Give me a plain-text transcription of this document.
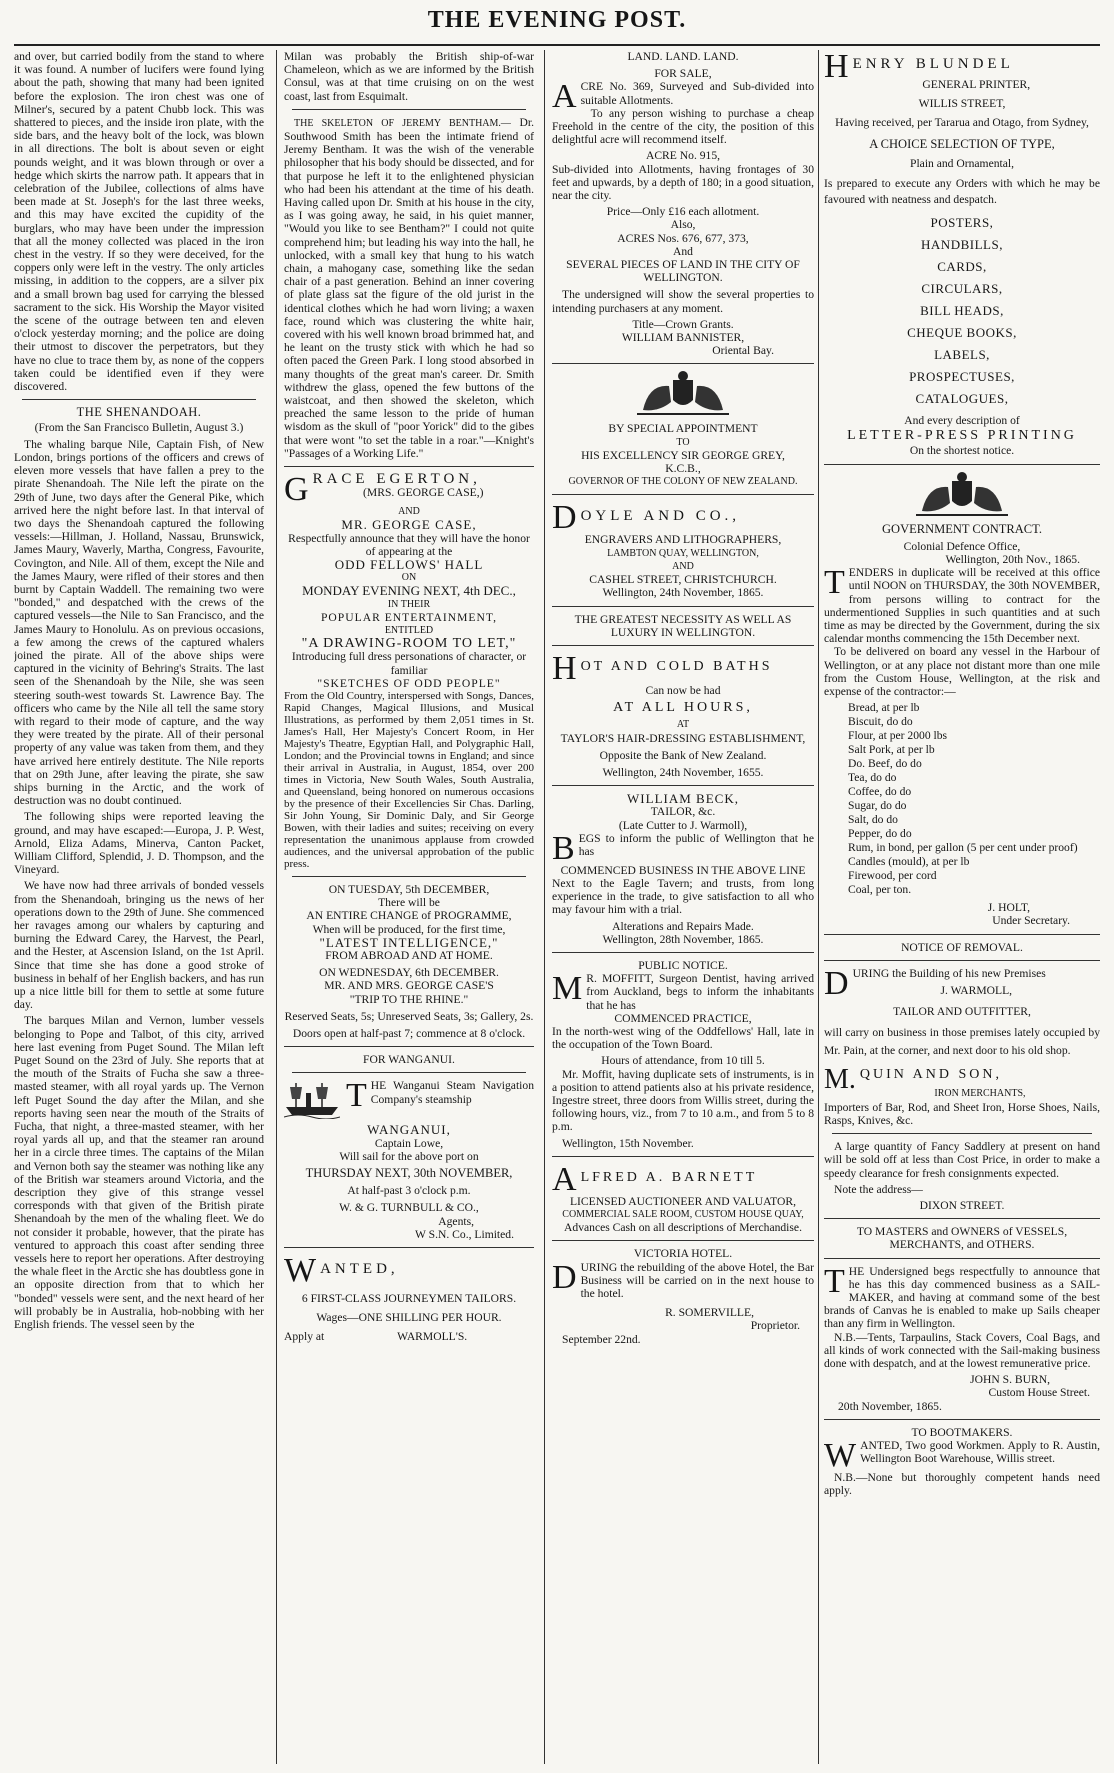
THE EVENING POST.

and over, but carried bodily from the stand to where it was found. A number of lucifers were found lying about the path, showing that many had been ignited before the explosion. The iron chest was one of Milner's, secured by a patent Chubb lock. This was shattered to pieces, and the inside iron plate, with the side bars, and the heavy bolt of the lock, was blown in all directions. The bolt is about seven or eight pounds weight, and it was blown through or over a hedge which skirts the narrow path. It appears that in celebration of the Jubilee, collections of alms have been made at St. Joseph's for the last three weeks, and this may have excited the cupidity of the burglars, who may have been under the impression that all the money collected was placed in the iron chest in the vestry. If so they were deceived, for the coppers only were left in the vestry. The only articles missing, in addition to the coppers, are a silver pix and a small brown bag used for carrying the blessed sacrament to the sick. His Worship the Mayor visited the scene of the outrage between ten and eleven o'clock yesterday morning; and the police are doing their utmost to discover the perpetrators, but they have no clue to trace them by, as none of the coppers taken could be identified even if they were discovered.

THE SHENANDOAH.

(From the San Francisco Bulletin, August 3.)

The whaling barque Nile, Captain Fish, of New London, brings portions of the officers and crews of eleven more vessels that have fallen a prey to the pirate Shenandoah. The Nile left the pirate on the 29th of June, two days after the General Pike, which arrived here the night before last. In that interval of two days the Shenandoah captured the following vessels:—Hillman, J. Holland, Nassau, Brunswick, James Maury, Waverly, Martha, Congress, Favourite, Covington, and Nile. All of them, except the Nile and the James Maury, were rifled of their stores and then burnt by Captain Waddell. The remaining two were "bonded," and despatched with the crews of the captured vessels—the Nile to San Francisco, and the James Maury to Honolulu. As on previous occasions, a few among the crews of the captured whalers joined the pirate. All of the above ships were captured in the vicinity of Behring's Straits. The last seen of the Shenandoah by the Nile, she was seen steering south-west towards St. Lawrence Bay. The officers who came by the Nile all tell the same story with regard to their mode of capture, and the way they were treated by the pirate. All of their personal property of any value was taken from them, and they have arrived here entirely destitute. The Nile reports that on 29th June, after leaving the pirate, she saw ships burning in the Arctic, and the work of destruction was no doubt continued.

The following ships were reported leaving the ground, and may have escaped:—Europa, J. P. West, Arnold, Eliza Adams, Minerva, Canton Packet, William Clifford, Splendid, J. D. Thompson, and the Vineyard.

We have now had three arrivals of bonded vessels from the Shenandoah, bringing us the news of her operations down to the 29th of June. She commenced her ravages among our whalers by capturing and burning the Edward Carey, the Harvest, the Pearl, and the Hester, at Ascension Island, on the 1st April. Since that time she has done a good stroke of business in behalf of her English backers, and has run up a nice little bill for them to settle at some future day.

The barques Milan and Vernon, lumber vessels belonging to Pope and Talbot, of this city, arrived here last evening from Puget Sound. The Milan left Puget Sound on the 23rd of July. She reports that at the mouth of the Straits of Fucha she saw a three-masted steamer, with all royal yards up. The Vernon left Puget Sound the day after the Milan, and she reports having seen near the mouth of the Straits of Fucha, that night, a three-masted steamer, with her royal yards all up, and that the steamer ran around her in a circle three times. The captains of the Milan and Vernon both say the steamer was nothing like any of the British war steamers around Victoria, and the description they give of this strange vessel corresponds with that given of the British pirate Shenandoah by the men of the whaling fleet. We do not consider it probable, however, that the pirate has ventured to approach this coast after sending three vessels here to report her operations. After destroying the whale fleet in the Arctic she has doubtless gone in an opposite direction from that to which her "bonded" vessels were sent, and the next heard of her will probably be in Australia, hob-nobbing with her English friends. The vessel seen by the

Milan was probably the British ship-of-war Chameleon, which as we are informed by the British Consul, was at that time cruising on on the west coast, last from Esquimalt.

THE SKELETON OF JEREMY BENTHAM.— Dr. Southwood Smith has been the intimate friend of Jeremy Bentham. It was the wish of the venerable philosopher that his body should be dissected, and for that purpose he left it to the enlightened physician who had been his attendant at the time of his death. Having called upon Dr. Smith at his house in the city, as I was going away, he said, in his quiet manner, "Would you like to see Bentham?" I could not quite comprehend him; but leading his way into the hall, he unlocked, with a small key that hung to his watch chain, a mahogany case, something like the sedan chair of a past generation. Behind an inner covering of plate glass sat the figure of the old jurist in the identical clothes which he had worn living; a waxen face, round which was clustering the white hair, covered with his well known broad brimmed hat, and he leant on the trusty stick with which he had so often paced the Green Park. I long stood absorbed in many thoughts of the great man's career. Dr. Smith withdrew the glass, opened the few buttons of the waistcoat, and then showed the skeleton, which preached the same lesson to the pride of human wisdom as the skull of "poor Yorick" did to the gibes that were wont "to set the table in a roar."—Knight's "Passages of a Working Life."

GRACE EGERTON,
(MRS. GEORGE CASE,)
AND
MR. GEORGE CASE,
Respectfully announce that they will have the honor of appearing at the
ODD FELLOWS' HALL
ON
MONDAY EVENING NEXT, 4th DEC.,
IN THEIR
POPULAR ENTERTAINMENT,
ENTITLED
"A DRAWING-ROOM TO LET,"
Introducing full dress personations of character, or familiar
"SKETCHES OF ODD PEOPLE"

From the Old Country, interspersed with Songs, Dances, Rapid Changes, Magical Illusions, and Musical Illustrations, as performed by them 2,051 times in St. James's Hall, Her Majesty's Concert Room, in Her Majesty's Theatre, Egyptian Hall, and Polygraphic Hall, London; and the Provincial towns in England; and since their arrival in Australia, in August, 1854, over 200 times in Victoria, New South Wales, South Australia, and Queensland, being honored on numerous occasions by the presence of their Excellencies Sir Chas. Darling, Sir John Young, Sir Dominic Daly, and Sir George Bowen, with their ladies and suites; receiving on every representation the unanimous applause from crowded audiences, and the universal approbation of the public press.

ON TUESDAY, 5th DECEMBER,
There will be
AN ENTIRE CHANGE of PROGRAMME,
When will be produced, for the first time,
"LATEST INTELLIGENCE,"
FROM ABROAD AND AT HOME.
ON WEDNESDAY, 6th DECEMBER.
MR. AND MRS. GEORGE CASE'S
"TRIP TO THE RHINE."
Reserved Seats, 5s; Unreserved Seats, 3s; Gallery, 2s.
Doors open at half-past 7; commence at 8 o'clock.
FOR WANGANUI.
THE Wanganui Steam Navigation Company's steamship
WANGANUI,
Captain Lowe,
Will sail for the above port on
THURSDAY NEXT, 30th NOVEMBER,
At half-past 3 o'clock p.m.
W. & G. TURNBULL & CO.,
Agents,
W S.N. Co., Limited.
WANTED,
6 FIRST-CLASS JOURNEYMEN TAILORS.
Wages—ONE SHILLING PER HOUR.
Apply at	WARMOLL'S.
LAND. LAND. LAND.
FOR SALE,
ACRE No. 369, Surveyed and Sub-divided into suitable Allotments.

To any person wishing to purchase a cheap Freehold in the centre of the city, the position of this delightful acre will recommend itself.

ACRE No. 915,

Sub-divided into Allotments, having frontages of 30 feet and upwards, by a depth of 180; in a good situation, near the city.

Price—Only £16 each allotment.
Also,
ACRES Nos. 676, 677, 373,
And
SEVERAL PIECES OF LAND IN THE CITY OF WELLINGTON.

The undersigned will show the several properties to intending purchasers at any moment.

Title—Crown Grants.
WILLIAM BANNISTER,
Oriental Bay.
BY SPECIAL APPOINTMENT
TO
HIS EXCELLENCY SIR GEORGE GREY,
K.C.B.,
GOVERNOR OF THE COLONY OF NEW ZEALAND.
DOYLE AND CO.,
ENGRAVERS AND LITHOGRAPHERS,
LAMBTON QUAY, WELLINGTON,
AND
CASHEL STREET, CHRISTCHURCH.
Wellington, 24th November, 1865.
THE GREATEST NECESSITY AS WELL AS LUXURY IN WELLINGTON.
HOT AND COLD BATHS
Can now be had
AT ALL HOURS,
AT
TAYLOR'S HAIR-DRESSING ESTABLISHMENT,
Opposite the Bank of New Zealand.
Wellington, 24th November, 1655.
WILLIAM BECK,
TAILOR, &c.
(Late Cutter to J. Warmoll),
BEGS to inform the public of Wellington that he has
COMMENCED BUSINESS IN THE ABOVE LINE

Next to the Eagle Tavern; and trusts, from long experience in the trade, to give satisfaction to all who may favour him with a trial.

Alterations and Repairs Made.
Wellington, 28th November, 1865.
PUBLIC NOTICE.
M R. MOFFITT, Surgeon Dentist, having arrived from Auckland, begs to inform the inhabitants that he has
COMMENCED PRACTICE,

In the north-west wing of the Oddfellows' Hall, late in the occupation of the Town Board.

Hours of attendance, from 10 till 5.

Mr. Moffit, having duplicate sets of instruments, is in a position to attend patients also at his private residence, Ingestre street, three doors from Willis street, during the following hours, viz., from 7 to 10 a.m., and from 5 to 8 p.m.

Wellington, 15th November.
ALFRED A. BARNETT
LICENSED AUCTIONEER AND VALUATOR,
COMMERCIAL SALE ROOM, CUSTOM HOUSE QUAY,
Advances Cash on all descriptions of Merchandise.
VICTORIA HOTEL.
DURING the rebuilding of the above Hotel, the Bar Business will be carried on in the next house to the hotel.
R. SOMERVILLE,
Proprietor.
September 22nd.
HENRY BLUNDEL
GENERAL PRINTER,
WILLIS STREET,
Having received, per Tararua and Otago, from Sydney,
A CHOICE SELECTION OF TYPE,
Plain and Ornamental,

Is prepared to execute any Orders with which he may be favoured with neatness and despatch.

POSTERS,
HANDBILLS,
CARDS,
CIRCULARS,
BILL HEADS,
CHEQUE BOOKS,
LABELS,
PROSPECTUSES,
CATALOGUES,
And every description of
LETTER-PRESS PRINTING
On the shortest notice.
GOVERNMENT CONTRACT.
Colonial Defence Office,
Wellington, 20th Nov., 1865.
TENDERS in duplicate will be received at this office until NOON on THURSDAY, the 30th NOVEMBER, from persons willing to contract for the undermentioned Supplies in such quantities and at such time as may be directed by the Government, during the six calendar months commencing the 15th December next.

To be delivered on board any vessel in the Harbour of Wellington, or at any place not distant more than one mile from the Custom House, Wellington, at the risk and expense of the contractor:—

Bread, at per lb
Biscuit, do do
Flour, at per 2000 lbs
Salt Pork, at per lb
Do. Beef, do do
Tea, do do
Coffee, do do
Sugar, do do
Salt, do do
Pepper, do do
Rum, in bond, per gallon (5 per cent under proof)
Candles (mould), at per lb
Firewood, per cord
Coal, per ton.
J. HOLT,
Under Secretary.
NOTICE OF REMOVAL.
DURING the Building of his new Premises
J. WARMOLL,
TAILOR AND OUTFITTER,

will carry on business in those premises lately occupied by Mr. Pain, at the corner, and next door to his old shop.

M. QUIN AND SON,
IRON MERCHANTS,
Importers of Bar, Rod, and Sheet Iron, Horse Shoes, Nails, Rasps, Knives, &c.

A large quantity of Fancy Saddlery at present on hand will be sold off at less than Cost Price, in order to make a speedy clearance for fresh consignments expected.

Note the address—

DIXON STREET.
TO MASTERS and OWNERS of VESSELS, MERCHANTS, and OTHERS.
THE Undersigned begs respectfully to announce that he has this day commenced business as a SAIL-MAKER, and having at command some of the best brands of Canvas he is enabled to make up Sails cheaper than any firm in Wellington.

N.B.—Tents, Tarpaulins, Stack Covers, Coal Bags, and all kinds of work connected with the Sail-making business done with despatch, and at the lowest remunerative price.

JOHN S. BURN,
Custom House Street.
20th November, 1865.
TO BOOTMAKERS.
WANTED, Two good Workmen. Apply to R. Austin, Wellington Boot Warehouse, Willis street.

N.B.—None but thoroughly competent hands need apply.
